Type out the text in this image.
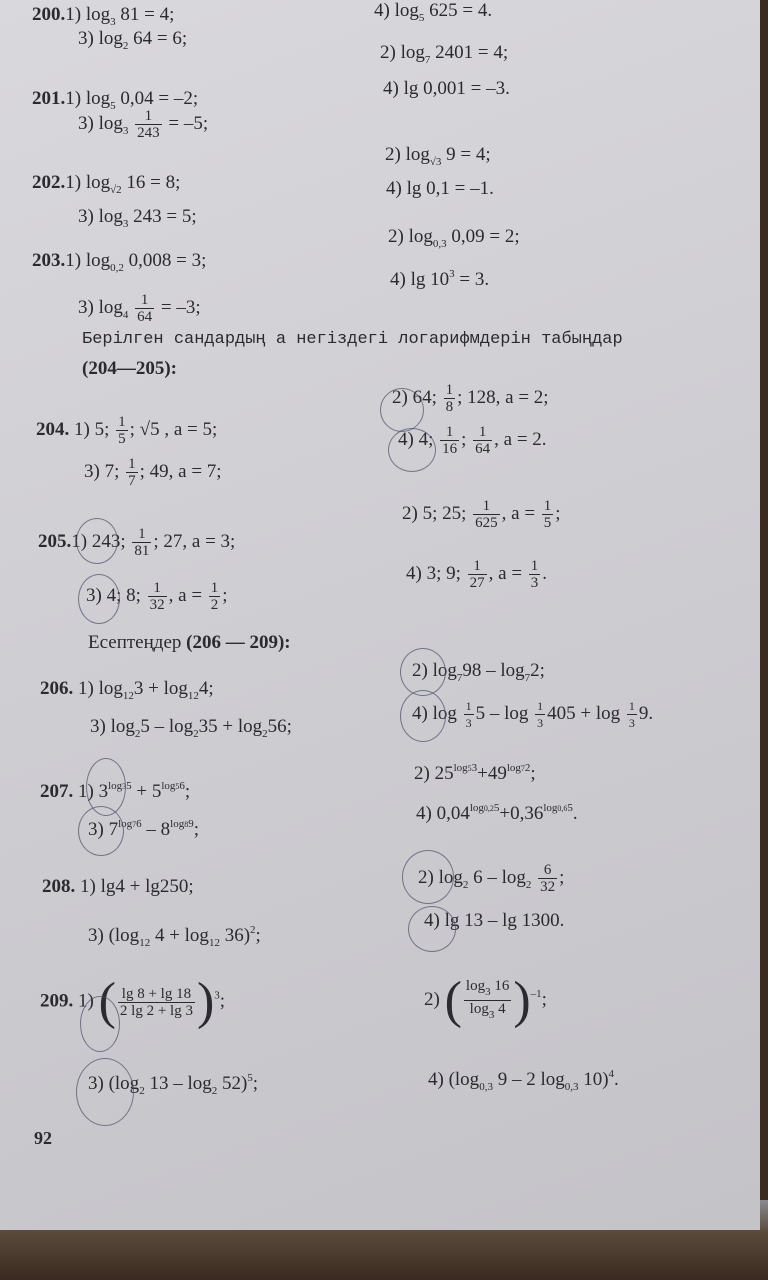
200.1) $\log_3 81 = 4$;	4) $\log_5 625 = 4$.
3) $\log_2 64 = 6$;
2) $\log_7 2401 = 4$;
201.1) $\log_5 0,04 = -2$;	4) lg 0,001 = –3.
3) $\log_3 \frac{1}{243} = -5$;
2) $\log_{√3} 9 = 4$;
202.1) $\log_{√2} 16 = 8$;	4) lg 0,1 = –1.
3) $\log_3 243 = 5$;
2) $\log_{0,3} 0,09 = 2$;
203.1) $\log_{0,2} 0,008 = 3$;
4) $\lg 10^3 = 3$.
3) $\log_4 \frac{1}{64} = -3$;
Берілген сандардың a негіздегі логарифмдерін табыңдар
(204—205):
2) 64; $\frac{1}{8}$ ; 128, a = 2;
204. 1) 5; $\frac{1}{5}$ ; √5 , a = 5;	4) 4; $\frac{1}{16}$ ; $\frac{1}{64}$ , a = 2.
3) 7; $\frac{1}{7}$ ; 49, a = 7;
2) 5; 25; $\frac{1}{625}$ , $a = \frac{1}{5}$ ;
205.1) 243; $\frac{1}{81}$ ; 27, a = 3;
4) 3; 9; $\frac{1}{27}$ , $a = \frac{1}{3}$ .
3) 4; 8; $\frac{1}{32}$ , $a = \frac{1}{2}$ ;
Есептеңдер (206 — 209):
2) $\log_798 - \log_72$;
206. 1) $\log_{12}3 + \log_{12}4$;
4) $\log \frac{1}{3} 5 - \log \frac{1}{3} 405 + \log \frac{1}{3} 9$.
3) $\log_25 - \log_235 + \log_256$;
2) $25^{log53}+49^{log72}$;
207. 1) $3^{log35} + 5^{log56}$;
4) $0,04^{log0,25}+0,36^{log0,65}$.
3) $7^{log76} - 8^{log89}$;
2) $\log_2 6 - \log_2 \frac{6}{32}$ ;
208. 1) lg4 + lg250;
4) lg 13 – lg 1300.
3) ($\log_{12}$ $4 + \log_{12} 36)^2$;
209. 1) ( $\frac{\lg 8 + \lg 18}{2 \lg 2 + \lg 3} )^3$;	2) ( $\frac{\log_3 16}{\log_3 4} )^{-1}$;
3) ($\log_2$ $13 - \log_2 52)^5$;	4) ($\log_{0,3}$ 9 – 2 $\log_{0,3} 10)^4$.
92
